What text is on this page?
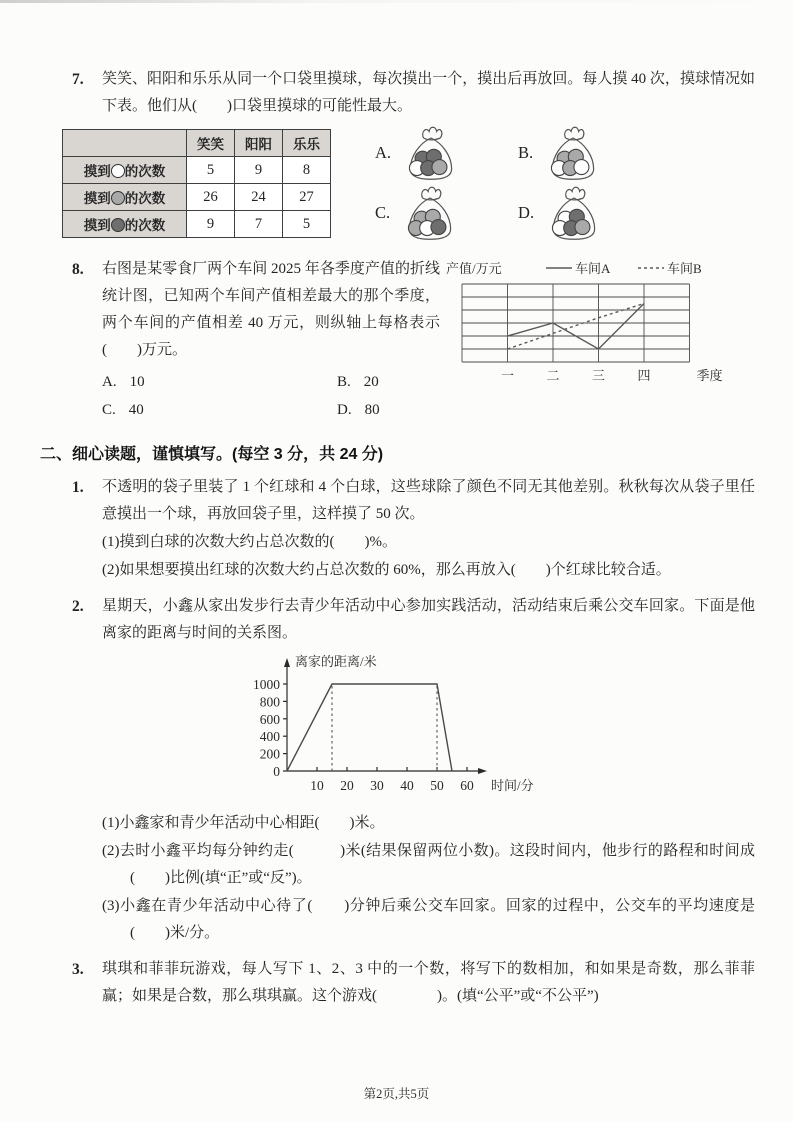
7.	笑笑、阳阳和乐乐从同一个口袋里摸球，每次摸出一个，摸出后再放回。每人摸 40 次，摸球情况如下表。他们从(　　)口袋里摸球的可能性最大。

	笑笑	阳阳	乐乐
摸到 的次数	5	9	8
摸到 的次数	26	24	27
摸到 的次数	9	7	5
A.	B.
C.	D.
8.	右图是某零食厂两个车间 2025 年各季度产值的折线统计图，已知两个车间产值相差最大的那个季度，两个车间的产值相差 40 万元，则纵轴上每格表示(　　)万元。

A. 10	B. 20
C. 40	D. 80
一 二 三 四	季度
产值/万元	车间A	车间B
二、细心读题，谨慎填写。(每空 3 分，共 24 分)
1.	不透明的袋子里装了 1 个红球和 4 个白球，这些球除了颜色不同无其他差别。秋秋每次从袋子里任意摸出一个球，再放回袋子里，这样摸了 50 次。

(1)摸到白球的次数大约占总次数的(　　)%。

(2)如果想要摸出红球的次数大约占总次数的 60%，那么再放入(　　)个红球比较合适。

2.	星期天，小鑫从家出发步行去青少年活动中心参加实践活动，活动结束后乘公交车回家。下面是他离家的距离与时间的关系图。

0
200
400
600
800
1000
10 20 30 40 50 60
离家的距离/米
时间/分

(1)小鑫家和青少年活动中心相距(　　)米。

(2)去时小鑫平均每分钟约走(　　　)米(结果保留两位小数)。这段时间内，他步行的路程和时间成(　　)比例(填“正”或“反”)。

(3)小鑫在青少年活动中心待了(　　)分钟后乘公交车回家。回家的过程中，公交车的平均速度是(　　)米/分。

3.	琪琪和菲菲玩游戏，每人写下 1、2、3 中的一个数，将写下的数相加，和如果是奇数，那么菲菲赢；如果是合数，那么琪琪赢。这个游戏(　　　　)。(填“公平”或“不公平”)

第2页,共5页
